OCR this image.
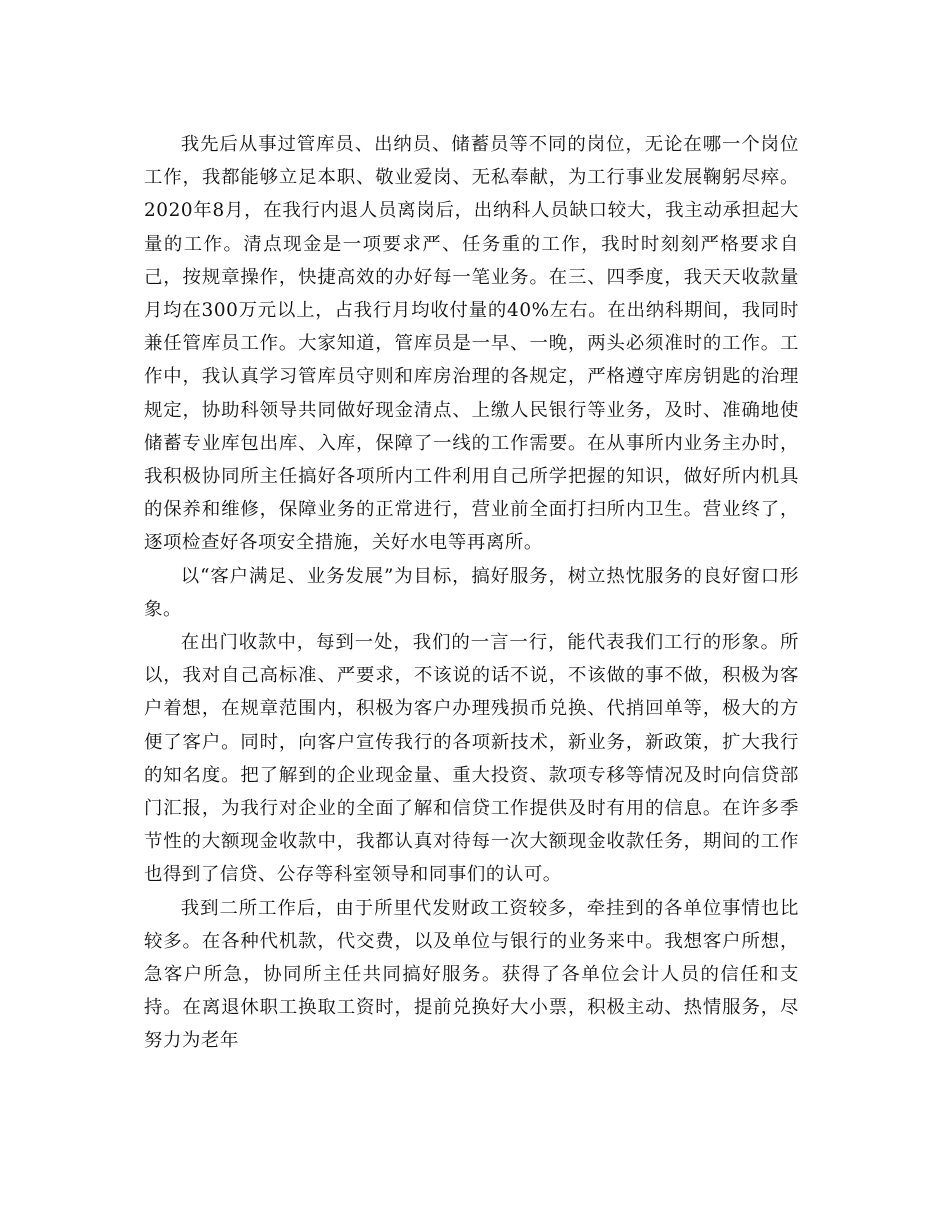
我先后从事过管库员、出纳员、储蓄员等不同的岗位，无论在哪一个岗位工作，我都能够立足本职、敬业爱岗、无私奉献，为工行事业发展鞠躬尽瘁。2020年8月，在我行内退人员离岗后，出纳科人员缺口较大，我主动承担起大量的工作。清点现金是一项要求严、任务重的工作，我时时刻刻严格要求自己，按规章操作，快捷高效的办好每一笔业务。在三、四季度，我天天收款量月均在300万元以上，占我行月均收付量的40%左右。在出纳科期间，我同时兼任管库员工作。大家知道，管库员是一早、一晚，两头必须准时的工作。工作中，我认真学习管库员守则和库房治理的各规定，严格遵守库房钥匙的治理规定，协助科领导共同做好现金清点、上缴人民银行等业务，及时、准确地使储蓄专业库包出库、入库，保障了一线的工作需要。在从事所内业务主办时，我积极协同所主任搞好各项所内工件利用自己所学把握的知识，做好所内机具的保养和维修，保障业务的正常进行，营业前全面打扫所内卫生。营业终了，逐项检查好各项安全措施，关好水电等再离所。

以“客户满足、业务发展”为目标，搞好服务，树立热忱服务的良好窗口形象。

在出门收款中，每到一处，我们的一言一行，能代表我们工行的形象。所以，我对自己高标准、严要求，不该说的话不说，不该做的事不做，积极为客户着想，在规章范围内，积极为客户办理残损币兑换、代捎回单等，极大的方便了客户。同时，向客户宣传我行的各项新技术，新业务，新政策，扩大我行的知名度。把了解到的企业现金量、重大投资、款项专移等情况及时向信贷部门汇报，为我行对企业的全面了解和信贷工作提供及时有用的信息。在许多季节性的大额现金收款中，我都认真对待每一次大额现金收款任务，期间的工作也得到了信贷、公存等科室领导和同事们的认可。

我到二所工作后，由于所里代发财政工资较多，牵挂到的各单位事情也比较多。在各种代机款，代交费，以及单位与银行的业务来中。我想客户所想，急客户所急，协同所主任共同搞好服务。获得了各单位会计人员的信任和支持。在离退休职工换取工资时，提前兑换好大小票，积极主动、热情服务，尽努力为老年
